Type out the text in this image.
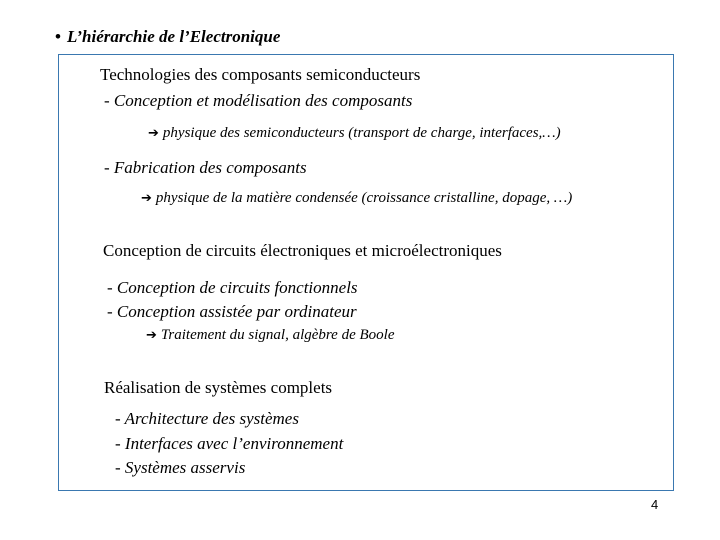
• L’hiérarchie de l’Electronique
Technologies des composants semiconducteurs
- Conception et modélisation des composants
➔ physique des semiconducteurs (transport de charge, interfaces,…)
- Fabrication des composants
➔ physique de la matière condensée (croissance cristalline, dopage, …)
Conception de circuits électroniques et microélectroniques
- Conception de circuits fonctionnels
- Conception assistée par ordinateur
➔ Traitement du signal, algèbre de Boole
Réalisation de systèmes complets
- Architecture des systèmes
- Interfaces avec l’environnement
- Systèmes asservis
4
